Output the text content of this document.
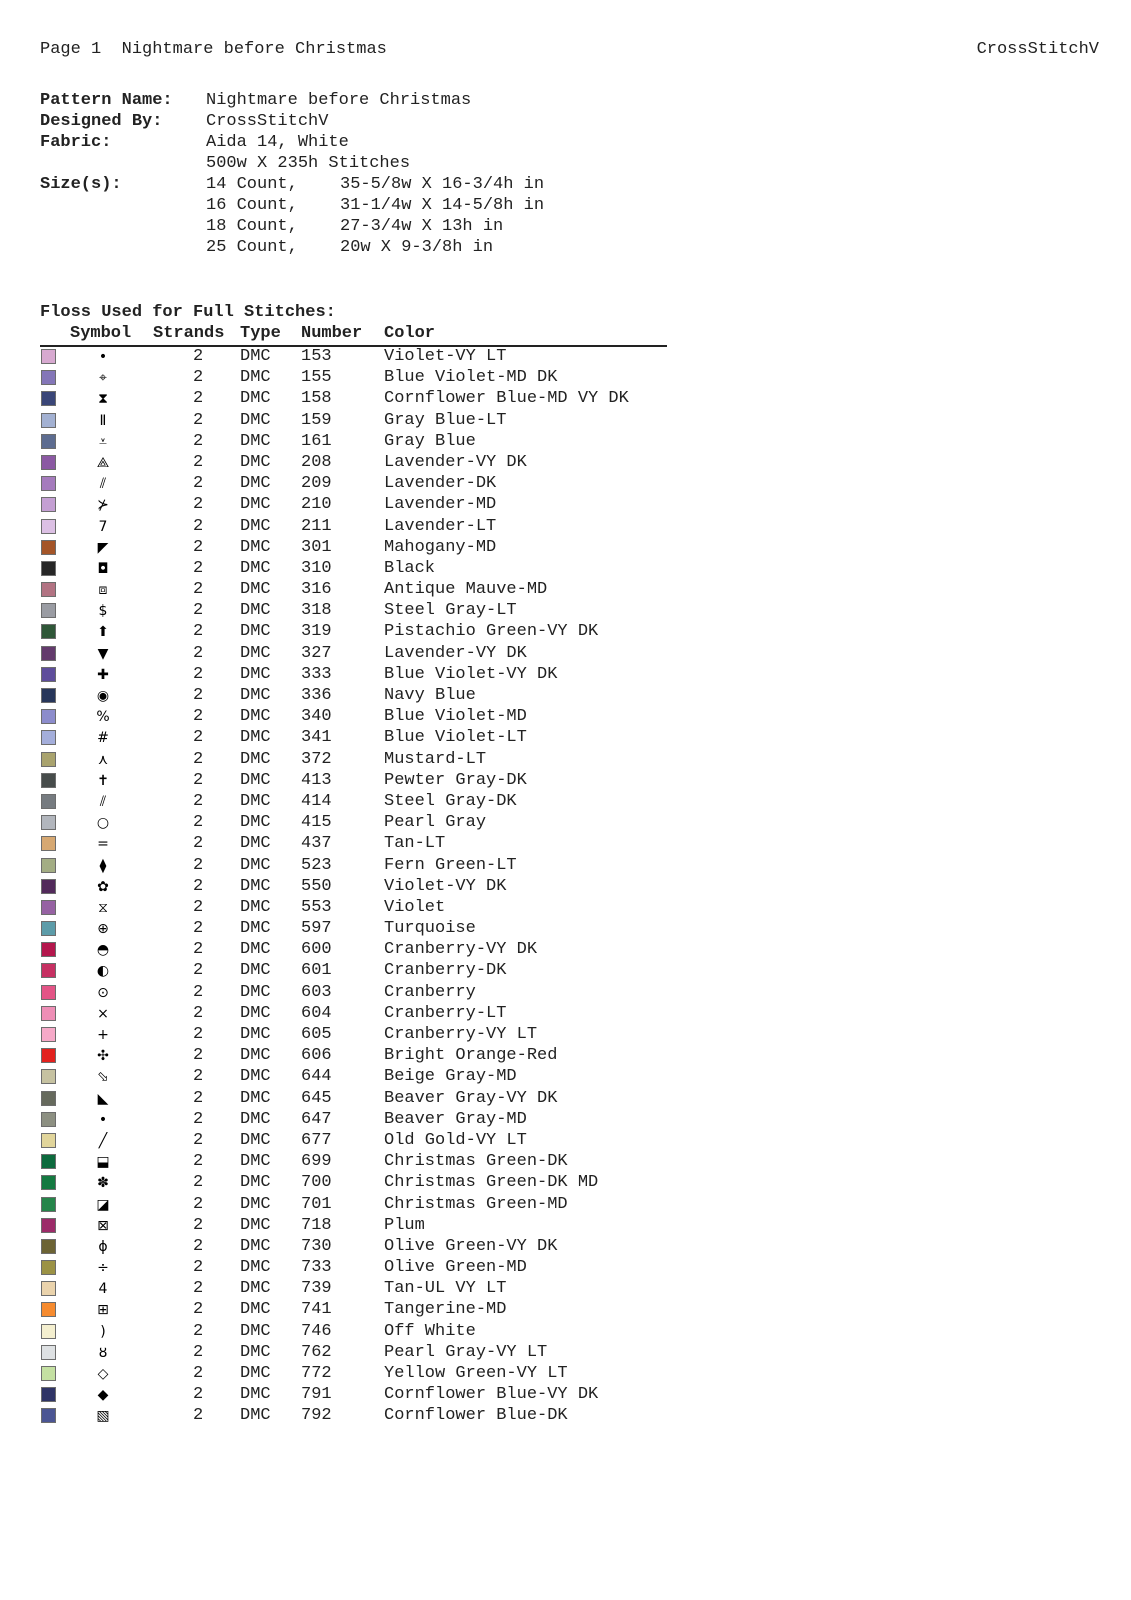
Page 1  Nightmare before Christmas	CrossStitchV
Pattern Name: Nightmare before Christmas
Designed By:	CrossStitchV
Fabric:	Aida 14, White
500w X 235h Stitches
Size(s):	14 Count, 35-5/8w X 16-3/4h in
16 Count, 31-1/4w X 14-5/8h in
18 Count, 27-3/4w X 13h in
25 Count, 20w X 9-3/8h in
Floss Used for Full Stitches:
Symbol Strands Type Number Color
•	2 DMC 153	Violet-VY LT
⌖	2 DMC 155	Blue Violet-MD DK
⧗	2 DMC 158	Cornflower Blue-MD VY DK
Ⅱ	2 DMC 159	Gray Blue-LT
⩡	2 DMC 161	Gray Blue
⟁	2 DMC 208	Lavender-VY DK
⫽	2 DMC 209	Lavender-DK
⊁	2 DMC 210	Lavender-MD
7	2 DMC 211	Lavender-LT
◤	2 DMC 301	Mahogany-MD
◘	2 DMC 310	Black
⧈	2 DMC 316	Antique Mauve-MD
$	2 DMC 318	Steel Gray-LT
⬆	2 DMC 319	Pistachio Green-VY DK
▼	2 DMC 327	Lavender-VY DK
✚	2 DMC 333	Blue Violet-VY DK
◉	2 DMC 336	Navy Blue
%	2 DMC 340	Blue Violet-MD
#	2 DMC 341	Blue Violet-LT
⋏	2 DMC 372	Mustard-LT
✝	2 DMC 413	Pewter Gray-DK
⫽	2 DMC 414	Steel Gray-DK
○	2 DMC 415	Pearl Gray
=	2 DMC 437	Tan-LT
⧫	2 DMC 523	Fern Green-LT
✿	2 DMC 550	Violet-VY DK
⧖	2 DMC 553	Violet
⊕	2 DMC 597	Turquoise
◓	2 DMC 600	Cranberry-VY DK
◐	2 DMC 601	Cranberry-DK
⊙	2 DMC 603	Cranberry
×	2 DMC 604	Cranberry-LT
+	2 DMC 605	Cranberry-VY LT
✣	2 DMC 606	Bright Orange-Red
⬂	2 DMC 644	Beige Gray-MD
◣	2 DMC 645	Beaver Gray-VY DK
•	2 DMC 647	Beaver Gray-MD
╱	2 DMC 677	Old Gold-VY LT
⬓	2 DMC 699	Christmas Green-DK
✽	2 DMC 700	Christmas Green-DK MD
◪	2 DMC 701	Christmas Green-MD
⊠	2 DMC 718	Plum
ϕ	2 DMC 730	Olive Green-VY DK
÷	2 DMC 733	Olive Green-MD
4	2 DMC 739	Tan-UL VY LT
⊞	2 DMC 741	Tangerine-MD
)	2 DMC 746	Off White
ȣ	2 DMC 762	Pearl Gray-VY LT
◇	2 DMC 772	Yellow Green-VY LT
◆	2 DMC 791	Cornflower Blue-VY DK
▧	2 DMC 792	Cornflower Blue-DK
